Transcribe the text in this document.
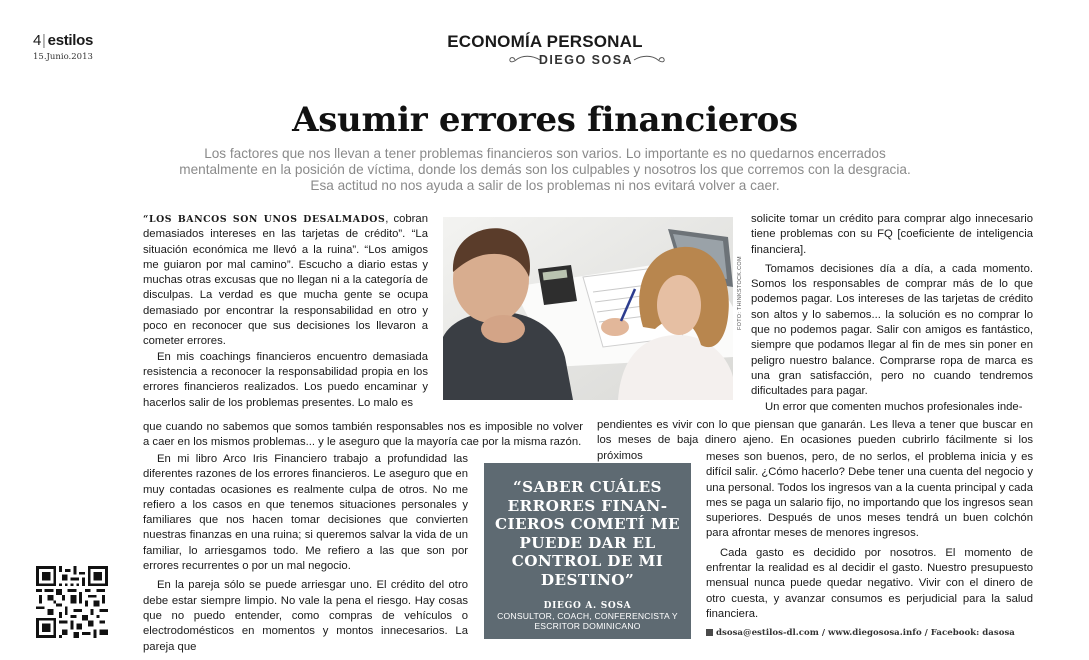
4| estilos
15.Junio.2013
ECONOMÍA PERSONAL
DIEGO SOSA
Asumir errores financieros
Los factores que nos llevan a tener problemas financieros son varios. Lo importante es no quedarnos encerrados
mentalmente en la posición de víctima, donde los demás son los culpables y nosotros los que corremos con la desgracia.
Esa actitud no nos ayuda a salir de los problemas ni nos evitará volver a caer.

“LOS BANCOS SON UNOS DESALMADOS, cobran demasiados intereses en las tarjetas de crédito”. “La situación económica me llevó a la ruina”. “Los amigos me guiaron por mal camino”. Escucho a diario estas y muchas otras excusas que no llegan ni a la categoría de disculpas. La verdad es que mucha gente se ocupa demasiado por encontrar la responsabilidad en otro y poco en reconocer que sus decisiones los llevaron a cometer errores.

En mis coachings financieros encuentro demasiada resistencia a reconocer la responsabilidad propia en los errores financieros realizados. Los puedo encaminar y hacerlos salir de los problemas presentes. Lo malo es

que cuando no sabemos que somos también responsables nos es imposible no volver a caer en los mismos problemas... y le aseguro que la mayoría cae por la misma razón.

En mi libro Arco Iris Financiero trabajo a profundidad las diferentes razones de los errores financieros. Le aseguro que en muy contadas ocasiones es realmente culpa de otros. No me refiero a los casos en que tenemos situaciones personales y familiares que nos hacen tomar decisiones que convierten nuestras finanzas en una ruina; si queremos salvar la vida de un familiar, lo arriesgamos todo. Me refiero a las que son por errores recurrentes o por un mal negocio.

En la pareja sólo se puede arriesgar uno. El crédito del otro debe estar siempre limpio. No vale la pena el riesgo. Hay cosas que no puedo entender, como compras de vehículos o electrodomésticos en momentos y montos innecesarios. La pareja que

FOTO: THINKSTOCK.COM

solicite tomar un crédito para comprar algo innecesario tiene problemas con su FQ [coeficiente de inteligencia financiera].

Tomamos decisiones día a día, a cada momento. Somos los responsables de comprar más de lo que podemos pagar. Los intereses de las tarjetas de crédito son altos y lo sabemos... la solución es no comprar lo que no podemos pagar. Salir con amigos es fantástico, siempre que podamos llegar al fin de mes sin poner en peligro nuestro balance. Comprarse ropa de marca es una gran satisfacción, pero no cuando tendremos dificultades para pagar.

Un error que comenten muchos profesionales inde-

pendientes es vivir con lo que piensan que ganarán. Les lleva a tener que buscar en los meses de baja dinero ajeno. En ocasiones pueden cubrirlo fácilmente si los próximos	meses son buenos, pero, de no serlos, el problema inicia y es difícil salir. ¿Cómo hacerlo? Debe tener una cuenta del negocio y una personal. Todos los ingresos van a la cuenta principal y cada mes se paga un salario fijo, no importando que los ingresos sean superiores. Después de unos meses tendrá un buen colchón para afrontar meses de menores ingresos.

Cada gasto es decidido por nosotros. El momento de enfrentar la realidad es al decidir el gasto. Nuestro presupuesto mensual nunca puede quedar negativo. Vivir con el dinero de otro cuesta, y avanzar consumos es perjudicial para la salud financiera.

“SABER CUÁLES ERRORES FINAN-CIEROS COMETÍ ME PUEDE DAR EL CONTROL DE MI DESTINO”
DIEGO A. SOSA
CONSULTOR, COACH, CONFERENCISTA Y ESCRITOR DOMINICANO
dsosa@estilos-dl.com / www.diegososa.info / Facebook: dasosa
